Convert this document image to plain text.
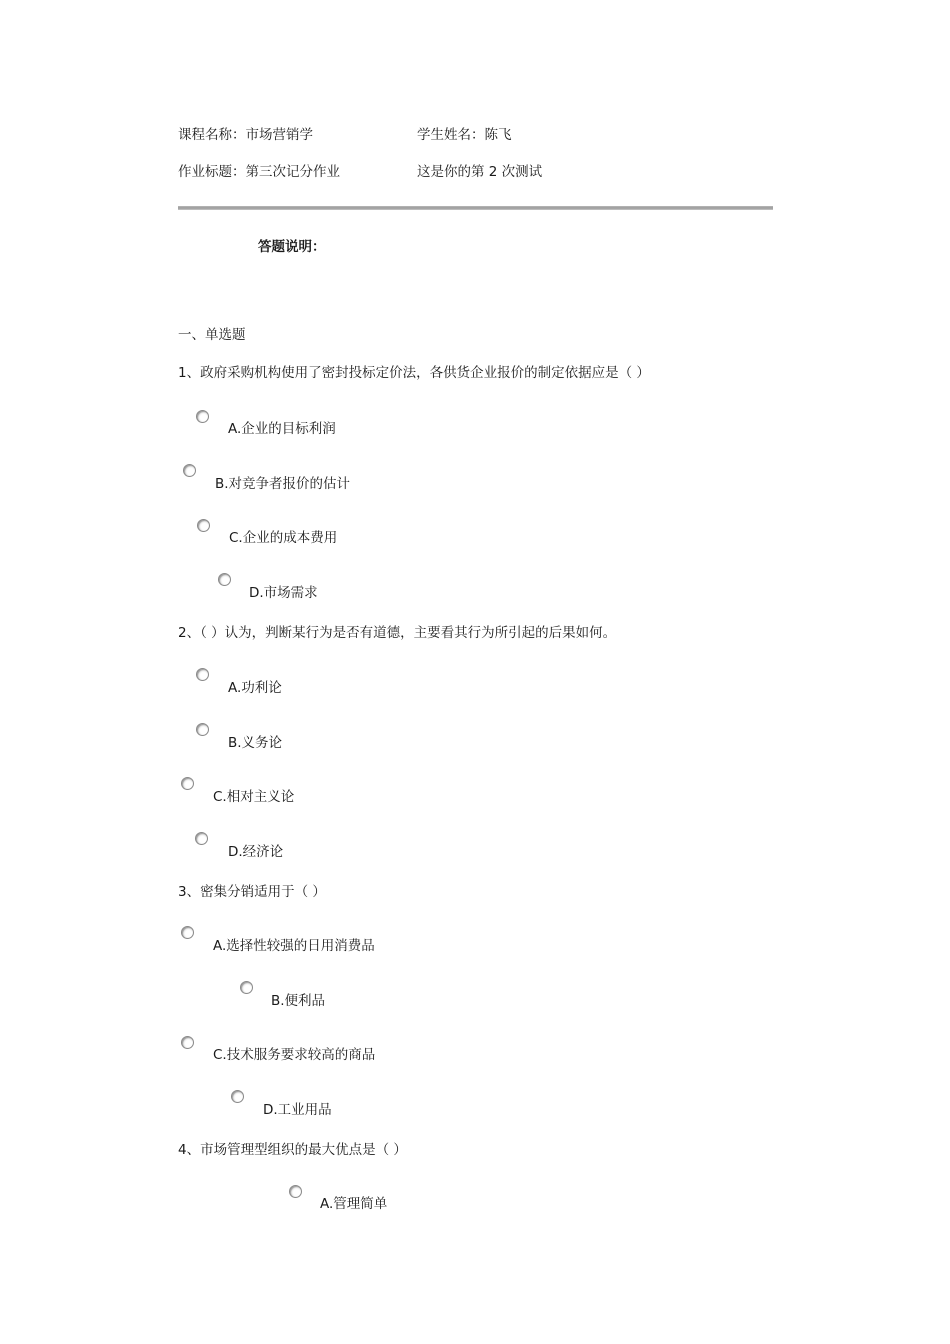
课程名称：市场营销学	学生姓名：陈飞
作业标题：第三次记分作业	这是你的第 2 次测试
答题说明：
一、单选题
1、政府采购机构使用了密封投标定价法，各供货企业报价的制定依据应是（ ）
A.企业的目标利润
B.对竞争者报价的估计
C.企业的成本费用
D.市场需求
2、（ ）认为，判断某行为是否有道德，主要看其行为所引起的后果如何。
A.功利论
B.义务论
C.相对主义论
D.经济论
3、密集分销适用于（ ）
A.选择性较强的日用消费品
B.便利品
C.技术服务要求较高的商品
D.工业用品
4、市场管理型组织的最大优点是（ ）
A.管理简单
